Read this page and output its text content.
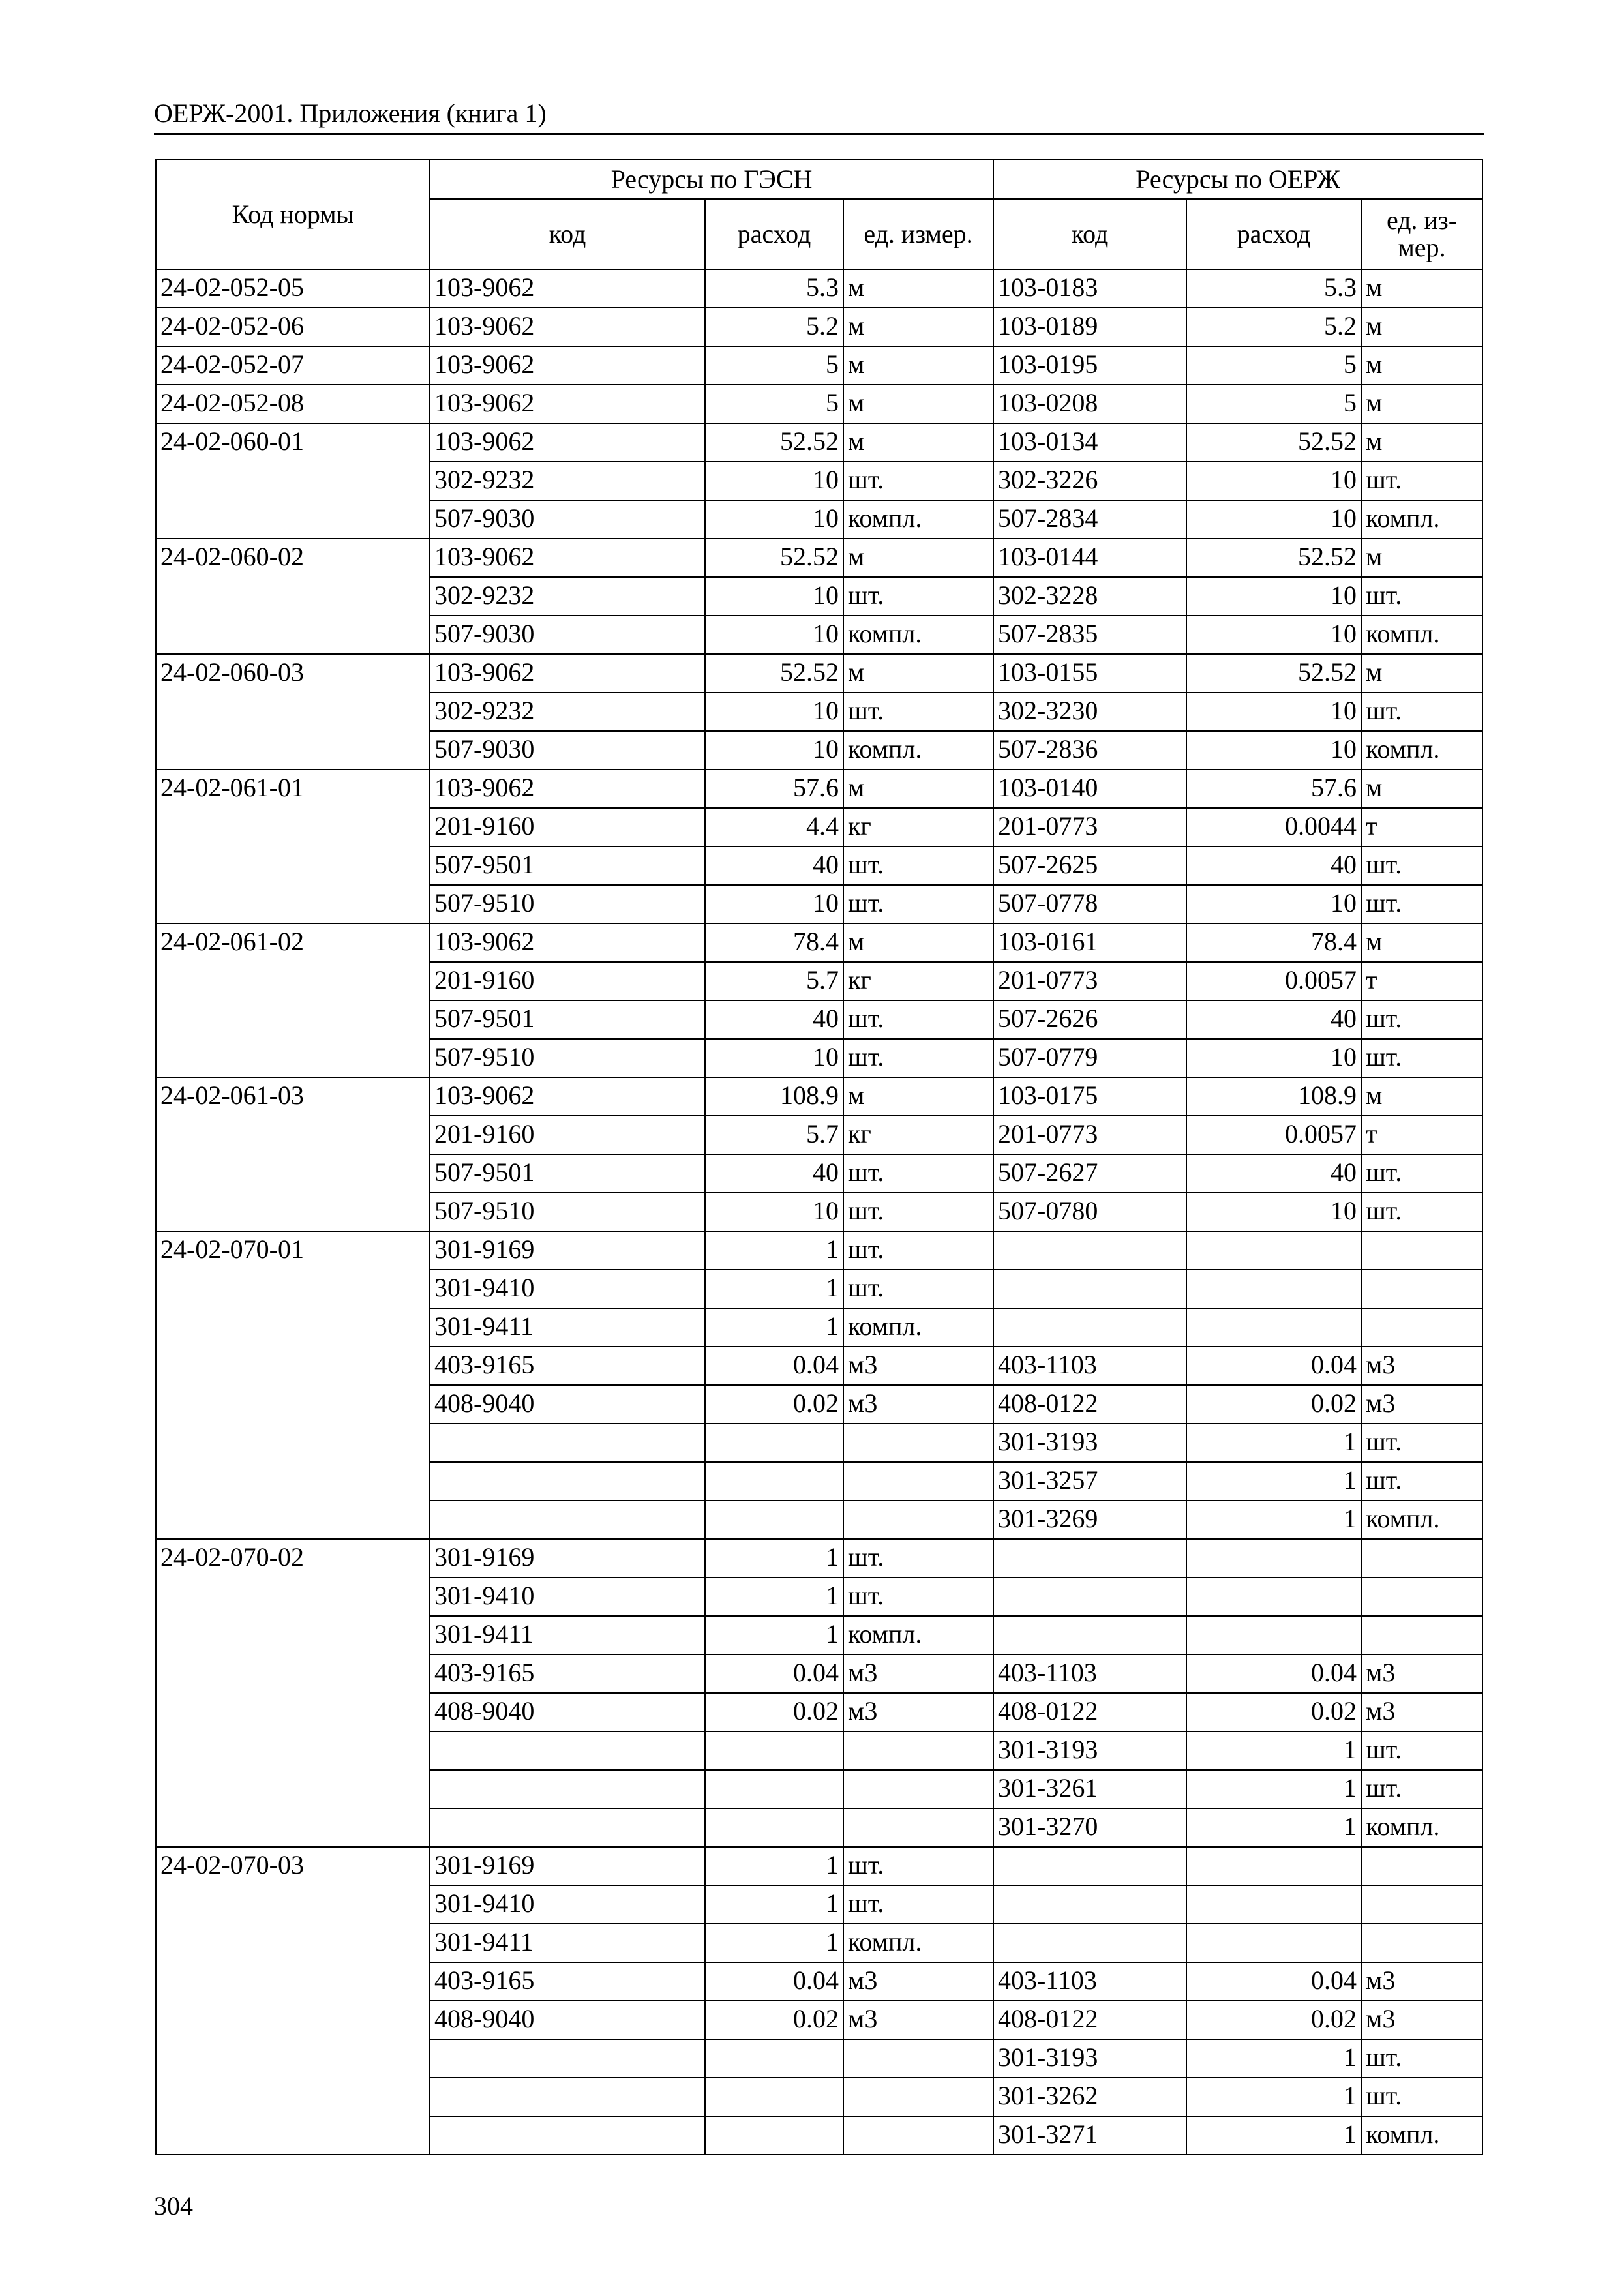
ОЕРЖ-2001. Приложения (книга 1)
Код нормы	Ресурсы по ГЭСН			Ресурсы по ОЕРЖ		
	код	расход	ед. измер.	код	расход	ед. из-мер.
24-02-052-05	103-9062	5.3	м	103-0183	5.3	м
24-02-052-06	103-9062	5.2	м	103-0189	5.2	м
24-02-052-07	103-9062	5	м	103-0195	5	м
24-02-052-08	103-9062	5	м	103-0208	5	м
24-02-060-01	103-9062	52.52	м	103-0134	52.52	м
	302-9232	10	шт.	302-3226	10	шт.
	507-9030	10	компл.	507-2834	10	компл.
24-02-060-02	103-9062	52.52	м	103-0144	52.52	м
	302-9232	10	шт.	302-3228	10	шт.
	507-9030	10	компл.	507-2835	10	компл.
24-02-060-03	103-9062	52.52	м	103-0155	52.52	м
	302-9232	10	шт.	302-3230	10	шт.
	507-9030	10	компл.	507-2836	10	компл.
24-02-061-01	103-9062	57.6	м	103-0140	57.6	м
	201-9160	4.4	кг	201-0773	0.0044	т
	507-9501	40	шт.	507-2625	40	шт.
	507-9510	10	шт.	507-0778	10	шт.
24-02-061-02	103-9062	78.4	м	103-0161	78.4	м
	201-9160	5.7	кг	201-0773	0.0057	т
	507-9501	40	шт.	507-2626	40	шт.
	507-9510	10	шт.	507-0779	10	шт.
24-02-061-03	103-9062	108.9	м	103-0175	108.9	м
	201-9160	5.7	кг	201-0773	0.0057	т
	507-9501	40	шт.	507-2627	40	шт.
	507-9510	10	шт.	507-0780	10	шт.
24-02-070-01	301-9169	1	шт.			
	301-9410	1	шт.			
	301-9411	1	компл.			
	403-9165	0.04	м3	403-1103	0.04	м3
	408-9040	0.02	м3	408-0122	0.02	м3
				301-3193	1	шт.
				301-3257	1	шт.
				301-3269	1	компл.
24-02-070-02	301-9169	1	шт.			
	301-9410	1	шт.			
	301-9411	1	компл.			
	403-9165	0.04	м3	403-1103	0.04	м3
	408-9040	0.02	м3	408-0122	0.02	м3
				301-3193	1	шт.
				301-3261	1	шт.
				301-3270	1	компл.
24-02-070-03	301-9169	1	шт.			
	301-9410	1	шт.			
	301-9411	1	компл.			
	403-9165	0.04	м3	403-1103	0.04	м3
	408-9040	0.02	м3	408-0122	0.02	м3
				301-3193	1	шт.
				301-3262	1	шт.
				301-3271	1	компл.
304
